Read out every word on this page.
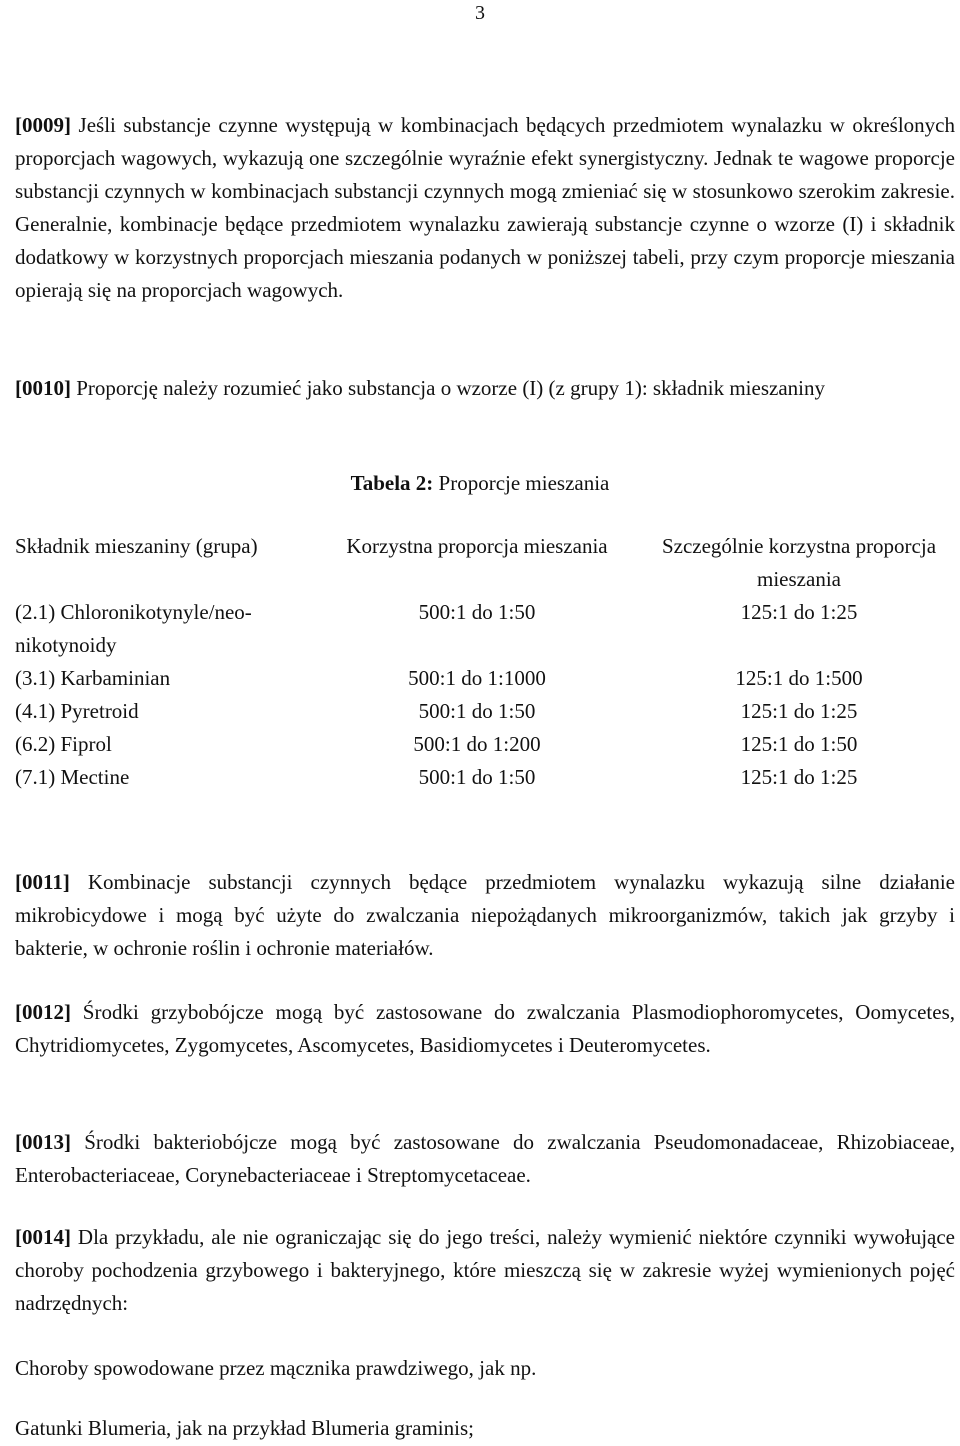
3

[0009] Jeśli substancje czynne występują w kombinacjach będących przedmiotem wynalazku w określonych proporcjach wagowych, wykazują one szczególnie wyraźnie efekt synergistyczny. Jednak te wagowe proporcje substancji czynnych w kombinacjach substancji czynnych mogą zmieniać się w stosunkowo szerokim zakresie. Generalnie, kombinacje będące przedmiotem wynalazku zawierają substancje czynne o wzorze (I) i składnik dodatkowy w korzystnych proporcjach mieszania podanych w poniższej tabeli, przy czym proporcje mieszania opierają się na proporcjach wagowych.

[0010] Proporcję należy rozumieć jako substancja o wzorze (I) (z grupy 1): składnik mieszaniny

Tabela 2: Proporcje mieszania
Składnik mieszaniny (grupa)	Korzystna proporcja mieszania	Szczególnie korzystna proporcja mieszania
(2.1) Chloronikotynyle/neo-nikotynoidy	500:1 do 1:50	125:1 do 1:25
(3.1) Karbaminian	500:1 do 1:1000	125:1 do 1:500
(4.1) Pyretroid	500:1 do 1:50	125:1 do 1:25
(6.2) Fiprol	500:1 do 1:200	125:1 do 1:50
(7.1) Mectine	500:1 do 1:50	125:1 do 1:25

[0011] Kombinacje substancji czynnych będące przedmiotem wynalazku wykazują silne działanie mikrobicydowe i mogą być użyte do zwalczania niepożądanych mikroorganizmów, takich jak grzyby i bakterie, w ochronie roślin i ochronie materiałów.

[0012] Środki grzybobójcze mogą być zastosowane do zwalczania Plasmodiophoromycetes, Oomycetes, Chytridiomycetes, Zygomycetes, Ascomycetes, Basidiomycetes i Deuteromycetes.

[0013] Środki bakteriobójcze mogą być zastosowane do zwalczania Pseudomonadaceae, Rhizobiaceae, Enterobacteriaceae, Corynebacteriaceae i Streptomycetaceae.

[0014] Dla przykładu, ale nie ograniczając się do jego treści, należy wymienić niektóre czynniki wywołujące choroby pochodzenia grzybowego i bakteryjnego, które mieszczą się w zakresie wyżej wymienionych pojęć nadrzędnych:

Choroby spowodowane przez mącznika prawdziwego, jak np.

Gatunki Blumeria, jak na przykład Blumeria graminis;
